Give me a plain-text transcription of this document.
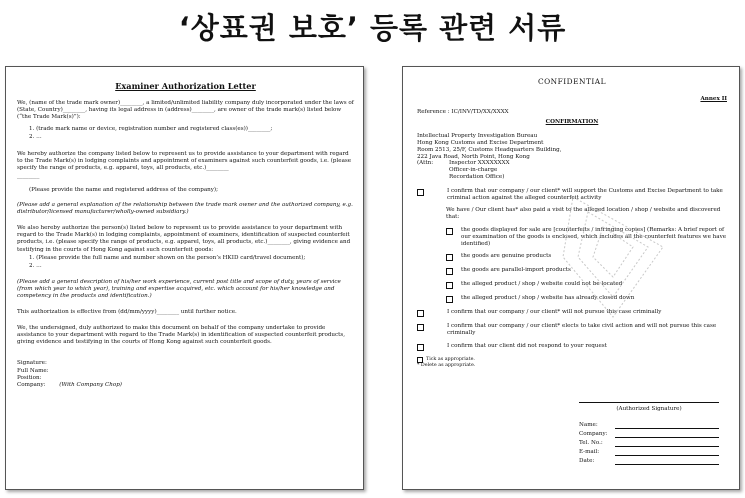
‘상표권 보호’ 등록 관련 서류
Examiner Authorization Letter

We, (name of the trade mark owner)________, a limited/unlimited liability company duly incorporated under the laws of (State, Country)________, having its legal address in (address)________, are owner of the trade mark(s) listed below (“the Trade Mark(s)”):

1. (trade mark name or device, registration number and registered class(es))________;

2. …

We hereby authorize the company listed below to represent us to provide assistance to your department with regard to the Trade Mark(s) in lodging complaints and appointment of examiners against such counterfeit goods, i.e. (please specify the range of products, e.g. apparel, toys, all products, etc.)________

________

(Please provide the name and registered address of the company);

(Please add a general explanation of the relationship between the trade mark owner and the authorized company, e.g. distributor/licensed manufacturer/wholly-owned subsidiary.)

We also hereby authorize the person(s) listed below to represent us to provide assistance to your department with regard to the Trade Mark(s) in lodging complaints, appointment of examiners, identification of suspected counterfeit products, i.e. (please specify the range of products, e.g. apparel, toys, all products, etc.)________, giving evidence and testifying in the courts of Hong Kong against such counterfeit goods:

1. (Please provide the full name and number shown on the person’s HKID card/travel document);

2. …

(Please add a general description of his/her work experience, current post title and scope of duty, years of service (from which year to which year), training and expertise acquired, etc. which account for his/her knowledge and competency in the products and identification.)

This authorization is effective from (dd/mm/yyyy)________ until further notice.

We, the undersigned, duly authorized to make this document on behalf of the company undertake to provide assistance to your department with regard to the Trade Mark(s) in identification of suspected counterfeit products, giving evidence and testifying in the courts of Hong Kong against such counterfeit goods.

Signature:
Full Name:
Position:
Company: (With Company Chop)
CONFIDENTIAL
Annex II

Reference : IC/INV/TD/XX/XXXX

CONFIRMATION
Intellectual Property Investigation Bureau
Hong Kong Customs and Excise Department
Room 2513, 25/F, Customs Headquarters Building,
222 Java Road, North Point, Hong Kong
(Attn:	Inspector XXXXXXXX
Officer-in-charge
Recordation Office)
I confirm that our company / our client* will support the Customs and Excise Department to take criminal action against the alleged counterfeit activity
We have / Our client has* also paid a visit to the alleged location / shop / website and discovered that:
the goods displayed for sale are [counterfeits / infringing copies] (Remarks: A brief report of our examination of the goods is enclosed, which includes all the counterfeit features we have identified)
the goods are genuine products
the goods are parallel-import products
the alleged product / shop / website could not be located
the alleged product / shop / website has already closed down
I confirm that our company / our client* will not pursue this case criminally
I confirm that our company / our client* elects to take civil action and will not pursue this case criminally
I confirm that our client did not respond to your request
Tick as appropriate.
* Delete as appropriate.
(Authorized Signature)
Name:
Company:
Tel. No.:
E-mail:
Date:
